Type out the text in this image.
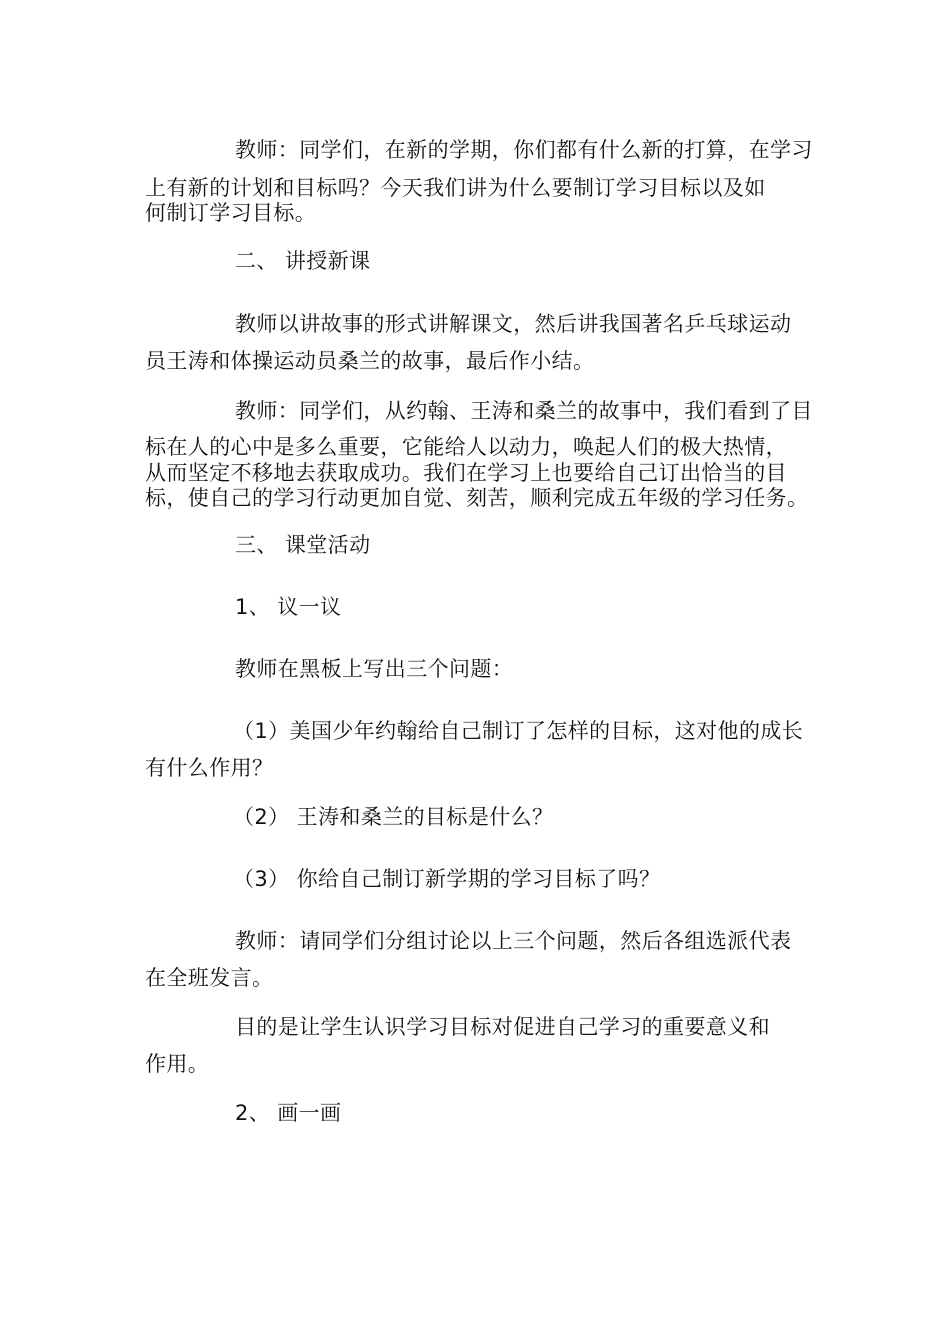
教师：同学们，在新的学期，你们都有什么新的打算，在学习

上有新的计划和目标吗？今天我们讲为什么要制订学习目标以及如

何制订学习目标。

二、 讲授新课

教师以讲故事的形式讲解课文，然后讲我国著名乒乓球运动

员王涛和体操运动员桑兰的故事，最后作小结。

教师：同学们，从约翰、王涛和桑兰的故事中，我们看到了目

标在人的心中是多么重要，它能给人以动力，唤起人们的极大热情，

从而坚定不移地去获取成功。我们在学习上也要给自己订出恰当的目

标，使自己的学习行动更加自觉、刻苦，顺利完成五年级的学习任务。

三、 课堂活动

1、 议一议

教师在黑板上写出三个问题：

（1）美国少年约翰给自己制订了怎样的目标，这对他的成长

有什么作用？

（2） 王涛和桑兰的目标是什么？

（3） 你给自己制订新学期的学习目标了吗？

教师：请同学们分组讨论以上三个问题，然后各组选派代表

在全班发言。

目的是让学生认识学习目标对促进自己学习的重要意义和

作用。

2、 画一画
